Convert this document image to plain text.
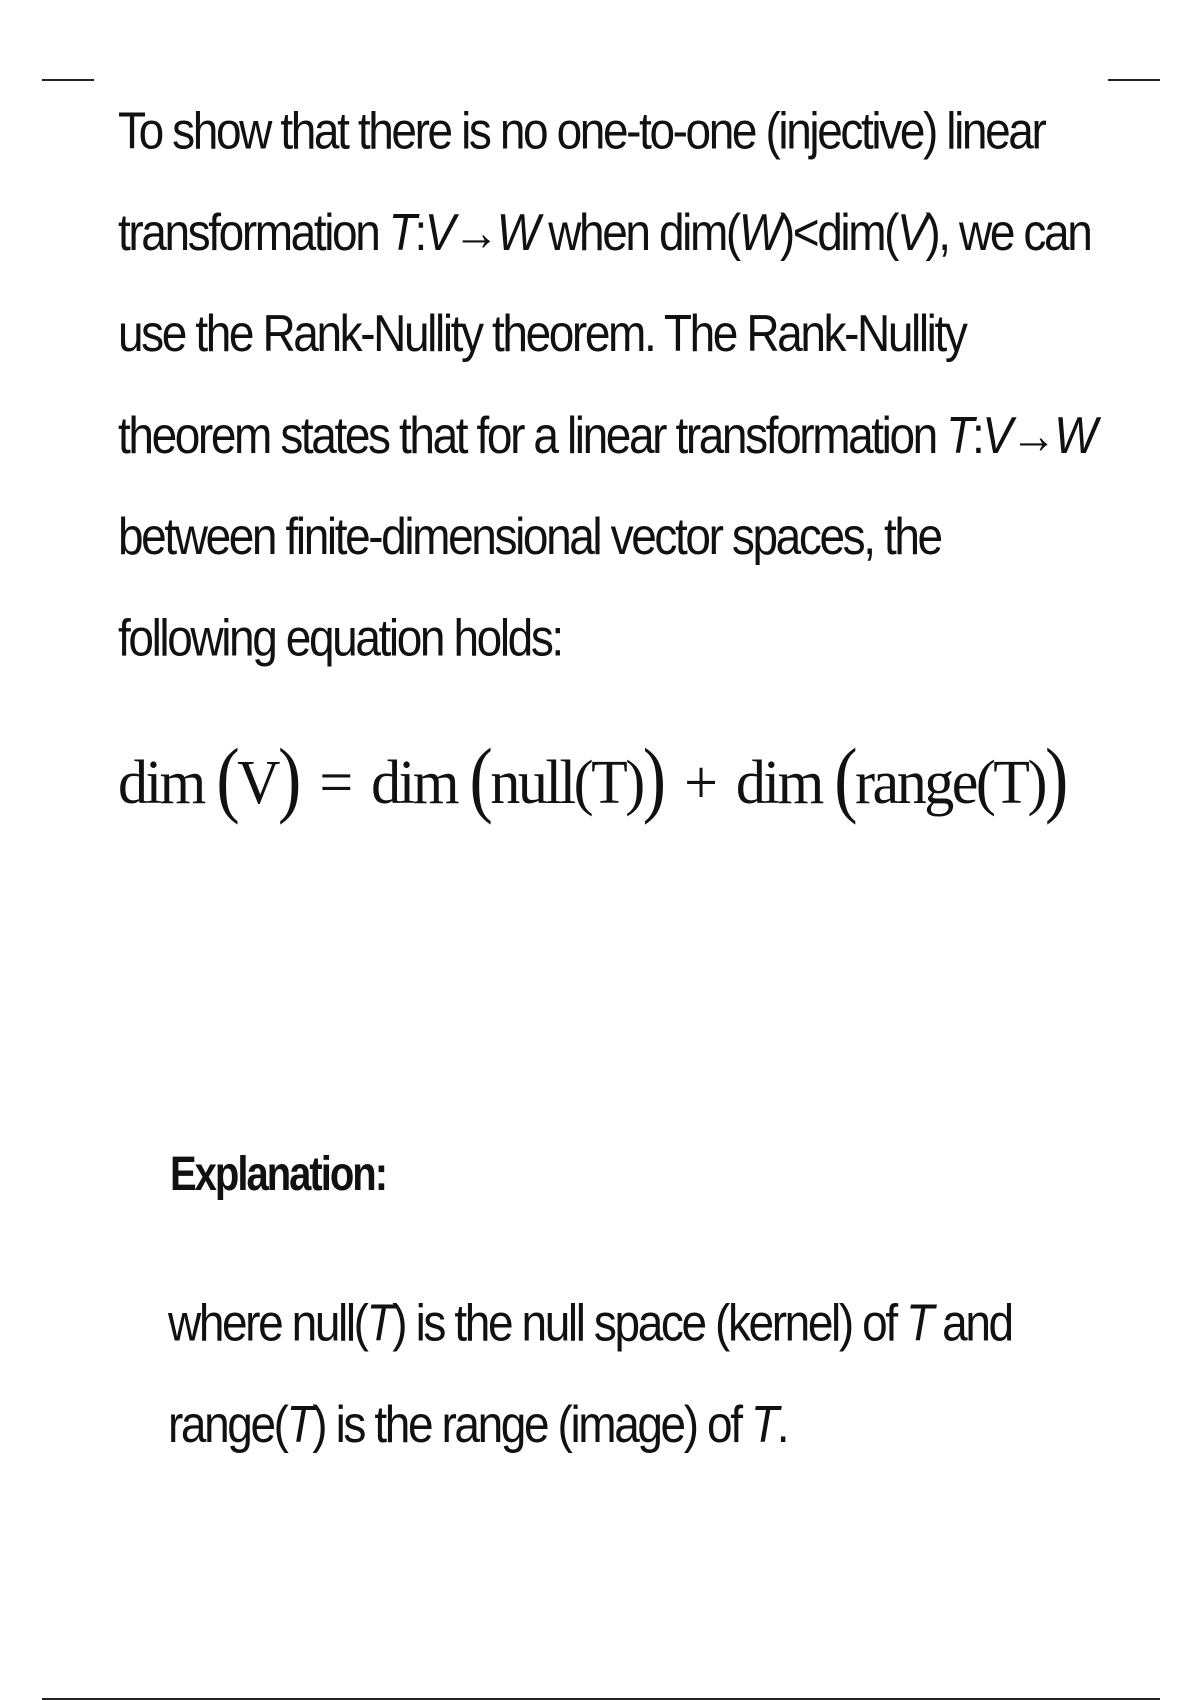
To show that there is no one-to-one (injective) linear
transformation T:V→W when dim(W)<dim(V), we can
use the Rank-Nullity theorem. The Rank-Nullity
theorem states that for a linear transformation T:V→W
between finite-dimensional vector spaces, the
following equation holds:

dim (V) = dim (null(T)) + dim (range(T))
Explanation:

where null(T) is the null space (kernel) of T and
range(T) is the range (image) of T.
